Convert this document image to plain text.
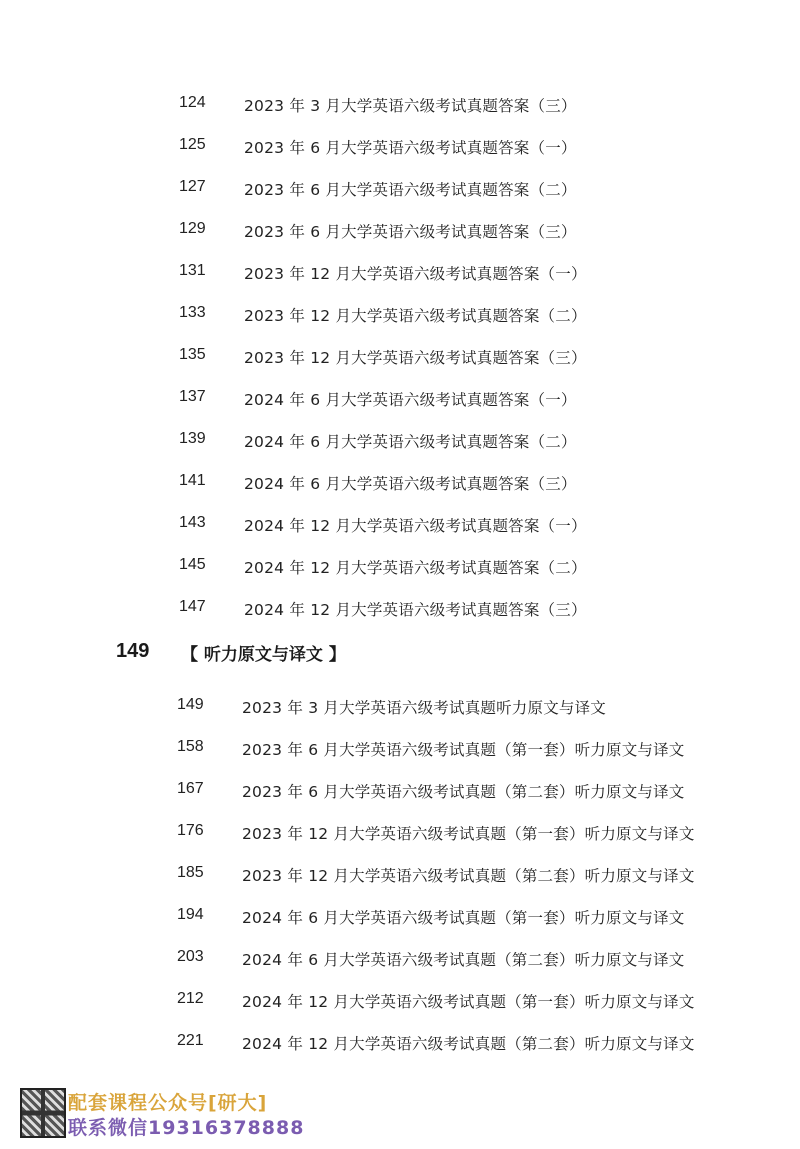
124 2023 年 3 月大学英语六级考试真题答案（三）
125 2023 年 6 月大学英语六级考试真题答案（一）
127 2023 年 6 月大学英语六级考试真题答案（二）
129 2023 年 6 月大学英语六级考试真题答案（三）
131 2023 年 12 月大学英语六级考试真题答案（一）
133 2023 年 12 月大学英语六级考试真题答案（二）
135 2023 年 12 月大学英语六级考试真题答案（三）
137 2024 年 6 月大学英语六级考试真题答案（一）
139 2024 年 6 月大学英语六级考试真题答案（二）
141 2024 年 6 月大学英语六级考试真题答案（三）
143 2024 年 12 月大学英语六级考试真题答案（一）
145 2024 年 12 月大学英语六级考试真题答案（二）
147 2024 年 12 月大学英语六级考试真题答案（三）
149 【 听力原文与译文 】
149 2023 年 3 月大学英语六级考试真题听力原文与译文
158 2023 年 6 月大学英语六级考试真题（第一套）听力原文与译文
167 2023 年 6 月大学英语六级考试真题（第二套）听力原文与译文
176 2023 年 12 月大学英语六级考试真题（第一套）听力原文与译文
185 2023 年 12 月大学英语六级考试真题（第二套）听力原文与译文
194 2024 年 6 月大学英语六级考试真题（第一套）听力原文与译文
203 2024 年 6 月大学英语六级考试真题（第二套）听力原文与译文
212 2024 年 12 月大学英语六级考试真题（第一套）听力原文与译文
221 2024 年 12 月大学英语六级考试真题（第二套）听力原文与译文
配套课程公众号[研大]
联系微信19316378888
